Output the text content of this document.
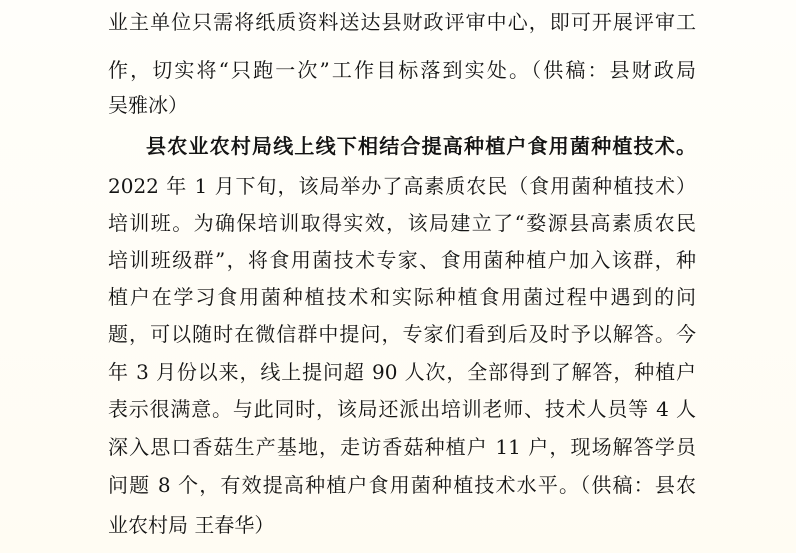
业主单位只需将纸质资料送达县财政评审中心，即可开展评审工
作，切实将“只跑一次”工作目标落到实处。（供稿：县财政局
吴雅冰）
县农业农村局线上线下相结合提高种植户食用菌种植技术。
2022 年 1 月下旬，该局举办了高素质农民（食用菌种植技术）
培训班。为确保培训取得实效，该局建立了“婺源县高素质农民
培训班级群”，将食用菌技术专家、食用菌种植户加入该群，种
植户在学习食用菌种植技术和实际种植食用菌过程中遇到的问
题，可以随时在微信群中提问，专家们看到后及时予以解答。今
年 3 月份以来，线上提问超 90 人次，全部得到了解答，种植户
表示很满意。与此同时，该局还派出培训老师、技术人员等 4 人
深入思口香菇生产基地，走访香菇种植户 11 户，现场解答学员
问题 8 个，有效提高种植户食用菌种植技术水平。（供稿：县农
业农村局 王春华）
